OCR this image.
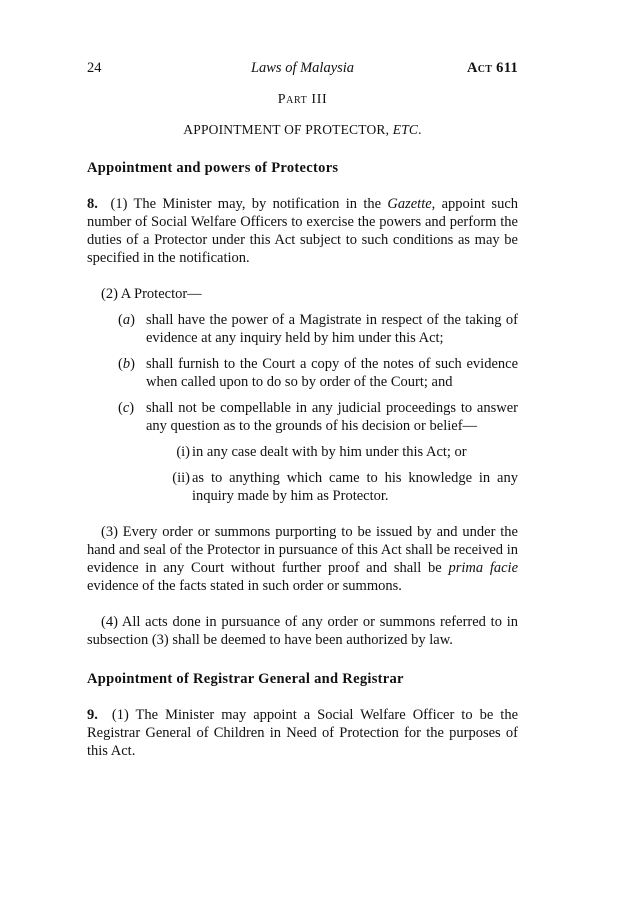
24	Laws of Malaysia	Act 611
Part III
APPOINTMENT OF PROTECTOR, ETC.
Appointment and powers of Protectors

8. (1) The Minister may, by notification in the Gazette, appoint such number of Social Welfare Officers to exercise the powers and perform the duties of a Protector under this Act subject to such conditions as may be specified in the notification.

(2) A Protector—

(a) shall have the power of a Magistrate in respect of the taking of evidence at any inquiry held by him under this Act;

(b) shall furnish to the Court a copy of the notes of such evidence when called upon to do so by order of the Court; and

(c) shall not be compellable in any judicial proceedings to answer any question as to the grounds of his decision or belief—

(i) in any case dealt with by him under this Act; or

(ii) as to anything which came to his knowledge in any inquiry made by him as Protector.

(3) Every order or summons purporting to be issued by and under the hand and seal of the Protector in pursuance of this Act shall be received in evidence in any Court without further proof and shall be prima facie evidence of the facts stated in such order or summons.

(4) All acts done in pursuance of any order or summons referred to in subsection (3) shall be deemed to have been authorized by law.

Appointment of Registrar General and Registrar

9. (1) The Minister may appoint a Social Welfare Officer to be the Registrar General of Children in Need of Protection for the purposes of this Act.
